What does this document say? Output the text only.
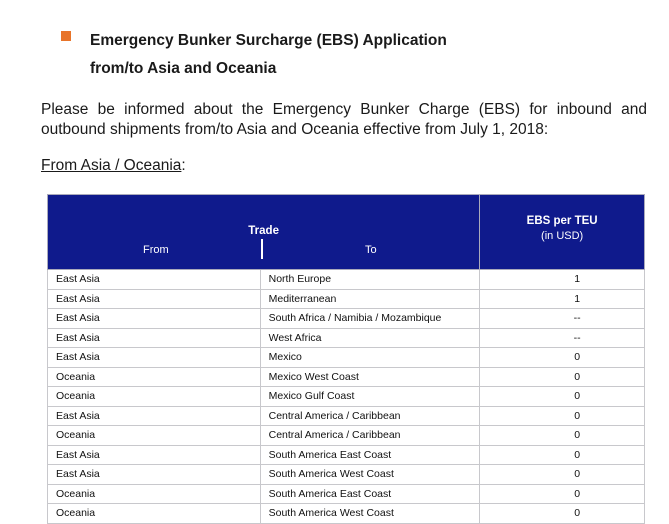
Emergency Bunker Surcharge (EBS) Application
from/to Asia and Oceania
Please be informed about the Emergency Bunker Charge (EBS) for inbound and outbound shipments from/to Asia and Oceania effective from July 1, 2018:
From Asia / Oceania:
Trade
From To		EBS per TEU
(in USD)

East Asia	North Europe	1
East Asia	Mediterranean	1
East Asia	South Africa / Namibia / Mozambique	--
East Asia	West Africa	--
East Asia	Mexico	0
Oceania	Mexico West Coast	0
Oceania	Mexico Gulf Coast	0
East Asia	Central America / Caribbean	0
Oceania	Central America / Caribbean	0
East Asia	South America East Coast	0
East Asia	South America West Coast	0
Oceania	South America East Coast	0
Oceania	South America West Coast	0
